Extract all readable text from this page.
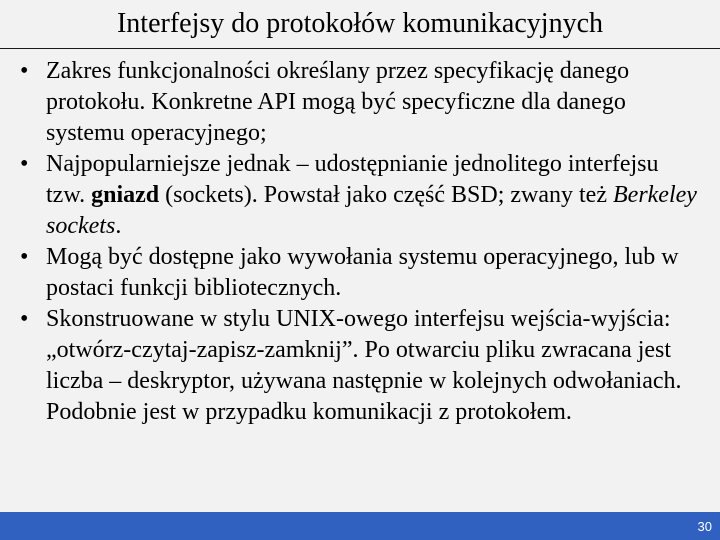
Interfejsy do protokołów komunikacyjnych
• Zakres funkcjonalności określany przez specyfikację danego protokołu. Konkretne API mogą być specyficzne dla danego systemu operacyjnego;
• Najpopularniejsze jednak – udostępnianie jednolitego interfejsu tzw. gniazd (sockets). Powstał jako część BSD; zwany też Berkeley sockets.
• Mogą być dostępne jako wywołania systemu operacyjnego, lub w postaci funkcji bibliotecznych.
• Skonstruowane w stylu UNIX-owego interfejsu wejścia-wyjścia: „otwórz-czytaj-zapisz-zamknij”. Po otwarciu pliku zwracana jest liczba – deskryptor, używana następnie w kolejnych odwołaniach. Podobnie jest w przypadku komunikacji z protokołem.
30
